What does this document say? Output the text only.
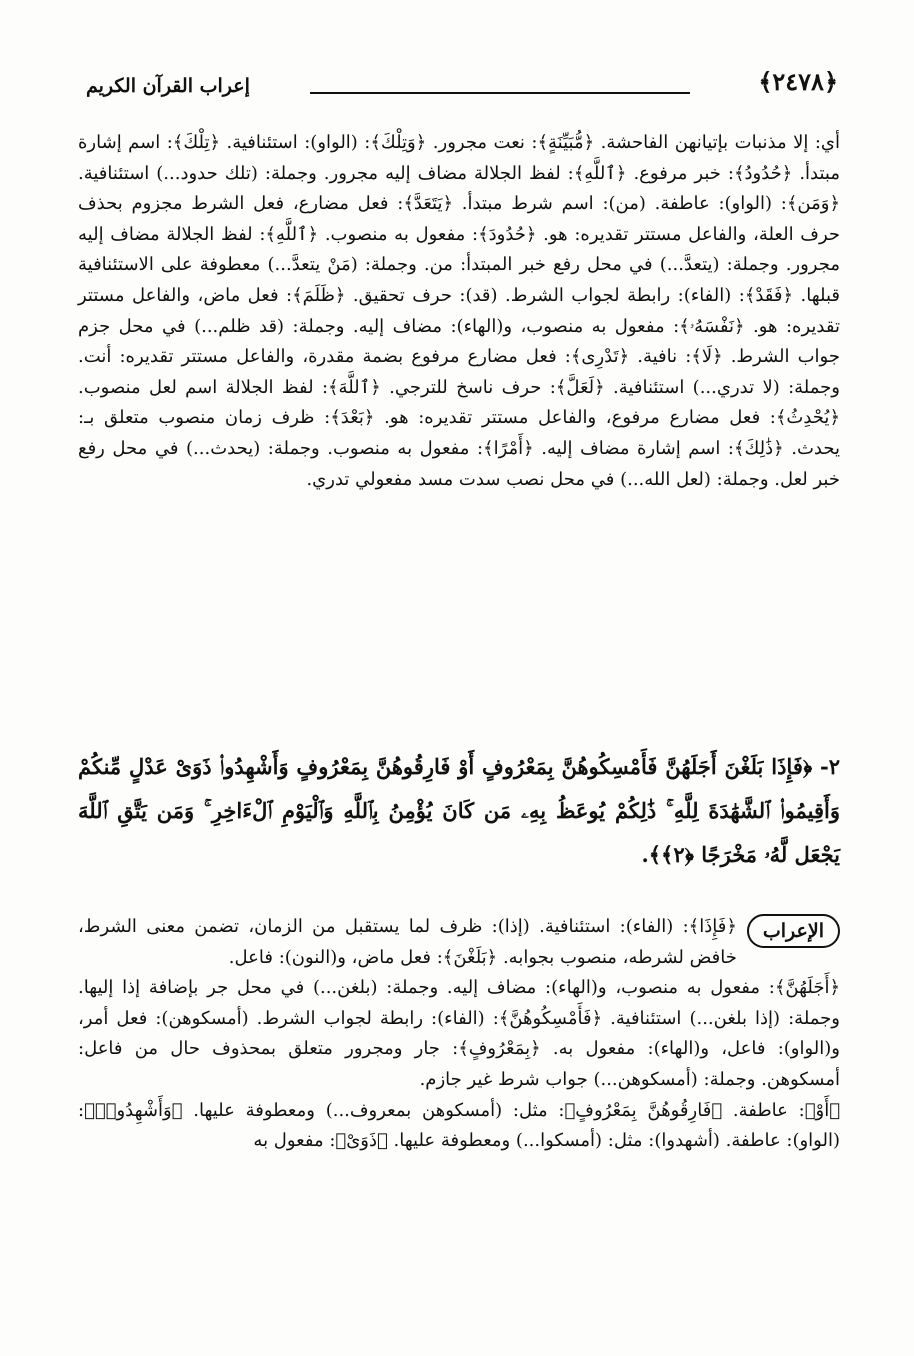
﴿٢٤٧٨﴾
إعراب القرآن الكريم

أي: إلا مذنبات بإتيانهن الفاحشة. ﴿مُّبَيِّنَةٍ﴾: نعت مجرور. ﴿وَتِلْكَ﴾: (الواو): استئنافية. ﴿تِلْكَ﴾: اسم إشارة مبتدأ. ﴿حُدُودُ﴾: خبر مرفوع. ﴿ٱللَّهِ﴾: لفظ الجلالة مضاف إليه مجرور. وجملة: (تلك حدود...) استئنافية. ﴿وَمَن﴾: (الواو): عاطفة. (من): اسم شرط مبتدأ. ﴿يَتَعَدَّ﴾: فعل مضارع، فعل الشرط مجزوم بحذف حرف العلة، والفاعل مستتر تقديره: هو. ﴿حُدُودَ﴾: مفعول به منصوب. ﴿ٱللَّهِ﴾: لفظ الجلالة مضاف إليه مجرور. وجملة: (يتعدَّ...) في محل رفع خبر المبتدأ: من. وجملة: (مَنْ يتعدَّ...) معطوفة على الاستئنافية قبلها. ﴿فَقَدْ﴾: (الفاء): رابطة لجواب الشرط. (قد): حرف تحقيق. ﴿ظَلَمَ﴾: فعل ماض، والفاعل مستتر تقديره: هو. ﴿نَفْسَهُۥ﴾: مفعول به منصوب، و(الهاء): مضاف إليه. وجملة: (قد ظلم...) في محل جزم جواب الشرط. ﴿لَا﴾: نافية. ﴿تَدْرِى﴾: فعل مضارع مرفوع بضمة مقدرة، والفاعل مستتر تقديره: أنت. وجملة: (لا تدري...) استئنافية. ﴿لَعَلَّ﴾: حرف ناسخ للترجي. ﴿ٱللَّهَ﴾: لفظ الجلالة اسم لعل منصوب. ﴿يُحْدِثُ﴾: فعل مضارع مرفوع، والفاعل مستتر تقديره: هو. ﴿بَعْدَ﴾: ظرف زمان منصوب متعلق بـ: يحدث. ﴿ذَٰلِكَ﴾: اسم إشارة مضاف إليه. ﴿أَمْرًا﴾: مفعول به منصوب. وجملة: (يحدث...) في محل رفع خبر لعل. وجملة: (لعل الله...) في محل نصب سدت مسد مفعولي تدري.

٢- ﴿فَإِذَا بَلَغْنَ أَجَلَهُنَّ فَأَمْسِكُوهُنَّ بِمَعْرُوفٍ أَوْ فَارِقُوهُنَّ بِمَعْرُوفٍ وَأَشْهِدُوا۟ ذَوَىْ عَدْلٍ مِّنكُمْ وَأَقِيمُوا۟ ٱلشَّهَٰدَةَ لِلَّهِ ۚ ذَٰلِكُمْ يُوعَظُ بِهِۦ مَن كَانَ يُؤْمِنُ بِٱللَّهِ وَٱلْيَوْمِ ٱلْءَاخِرِ ۚ وَمَن يَتَّقِ ٱللَّهَ يَجْعَل لَّهُۥ مَخْرَجًا ﴿٢﴾﴾.
الإعراب

﴿فَإِذَا﴾: (الفاء): استئنافية. (إذا): ظرف لما يستقبل من الزمان، تضمن معنى الشرط، خافض لشرطه، منصوب بجوابه. ﴿بَلَغْنَ﴾: فعل ماض، و(النون): فاعل.

﴿أَجَلَهُنَّ﴾: مفعول به منصوب، و(الهاء): مضاف إليه. وجملة: (بلغن...) في محل جر بإضافة إذا إليها. وجملة: (إذا بلغن...) استئنافية. ﴿فَأَمْسِكُوهُنَّ﴾: (الفاء): رابطة لجواب الشرط. (أمسكوهن): فعل أمر، و(الواو): فاعل، و(الهاء): مفعول به. ﴿بِمَعْرُوفٍ﴾: جار ومجرور متعلق بمحذوف حال من فاعل: أمسكوهن. وجملة: (أمسكوهن...) جواب شرط غير جازم.

﴿أَوْ﴾: عاطفة. ﴿فَارِقُوهُنَّ بِمَعْرُوفٍ﴾: مثل: (أمسكوهن بمعروف...) ومعطوفة عليها. ﴿وَأَشْهِدُوا۟﴾: (الواو): عاطفة. (أشهدوا): مثل: (أمسكوا...) ومعطوفة عليها. ﴿ذَوَىْ﴾: مفعول به
